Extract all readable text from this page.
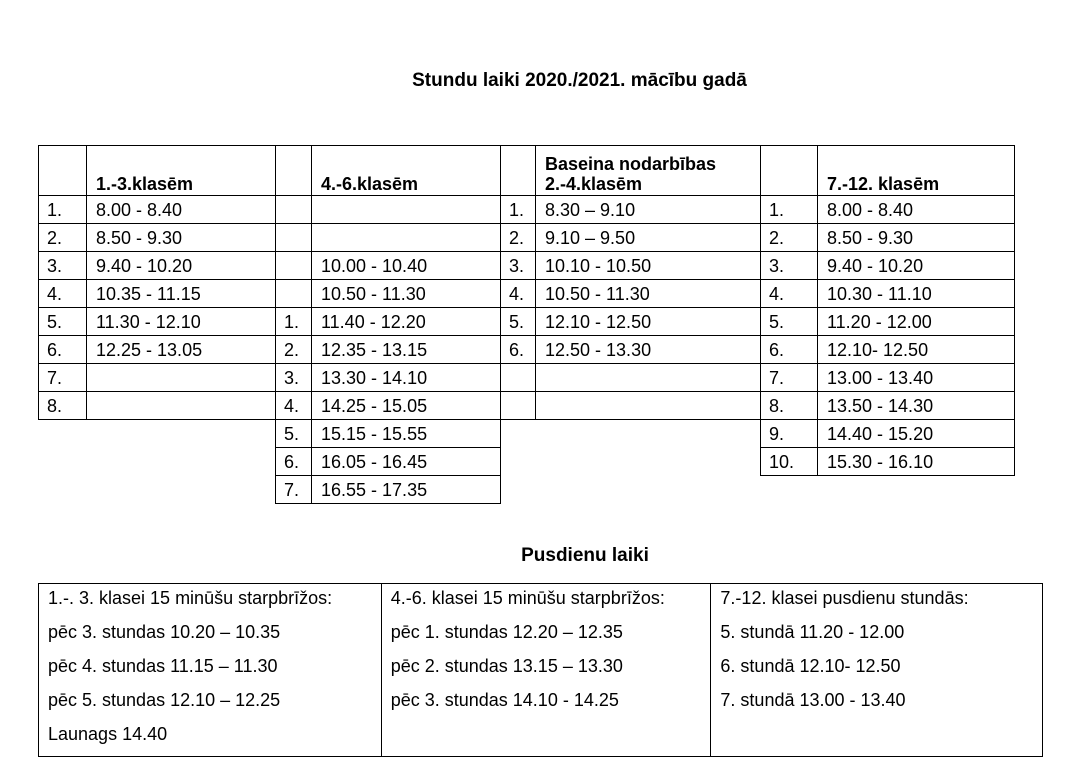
Stundu laiki 2020./2021. mācību gadā
	1.-3.klasēm		4.-6.klasēm		Baseina nodarbības
2.-4.klasēm		7.-12. klasēm
1.	8.00 - 8.40			1.	8.30 – 9.10	1.	8.00 - 8.40
2.	8.50 - 9.30			2.	9.10 – 9.50	2.	8.50 - 9.30
3.	9.40 - 10.20		10.00 - 10.40	3.	10.10 - 10.50	3.	9.40 - 10.20
4.	10.35 - 11.15		10.50 - 11.30	4.	10.50 - 11.30	4.	10.30 - 11.10
5.	11.30 - 12.10	1.	11.40 - 12.20	5.	12.10 - 12.50	5.	11.20 - 12.00
6.	12.25 - 13.05	2.	12.35 - 13.15	6.	12.50 - 13.30	6.	12.10- 12.50
7.		3.	13.30 - 14.10			7.	13.00 - 13.40
8.		4.	14.25 - 15.05			8.	13.50 - 14.30
		5.	15.15 - 15.55			9.	14.40 - 15.20
		6.	16.05 - 16.45			10.	15.30 - 16.10
		7.	16.55 - 17.35				
Pusdienu laiki
1.-. 3. klasei 15 minūšu starpbrīžos:
pēc 3. stundas 10.20 – 10.35
pēc 4. stundas 11.15 – 11.30
pēc 5. stundas 12.10 – 12.25
Launags 14.40

4.-6. klasei 15 minūšu starpbrīžos:
pēc 1. stundas 12.20 – 12.35
pēc 2. stundas 13.15 – 13.30
pēc 3. stundas 14.10 - 14.25

7.-12. klasei pusdienu stundās:
5. stundā 11.20 - 12.00
6. stundā 12.10- 12.50
7. stundā 13.00 - 13.40
